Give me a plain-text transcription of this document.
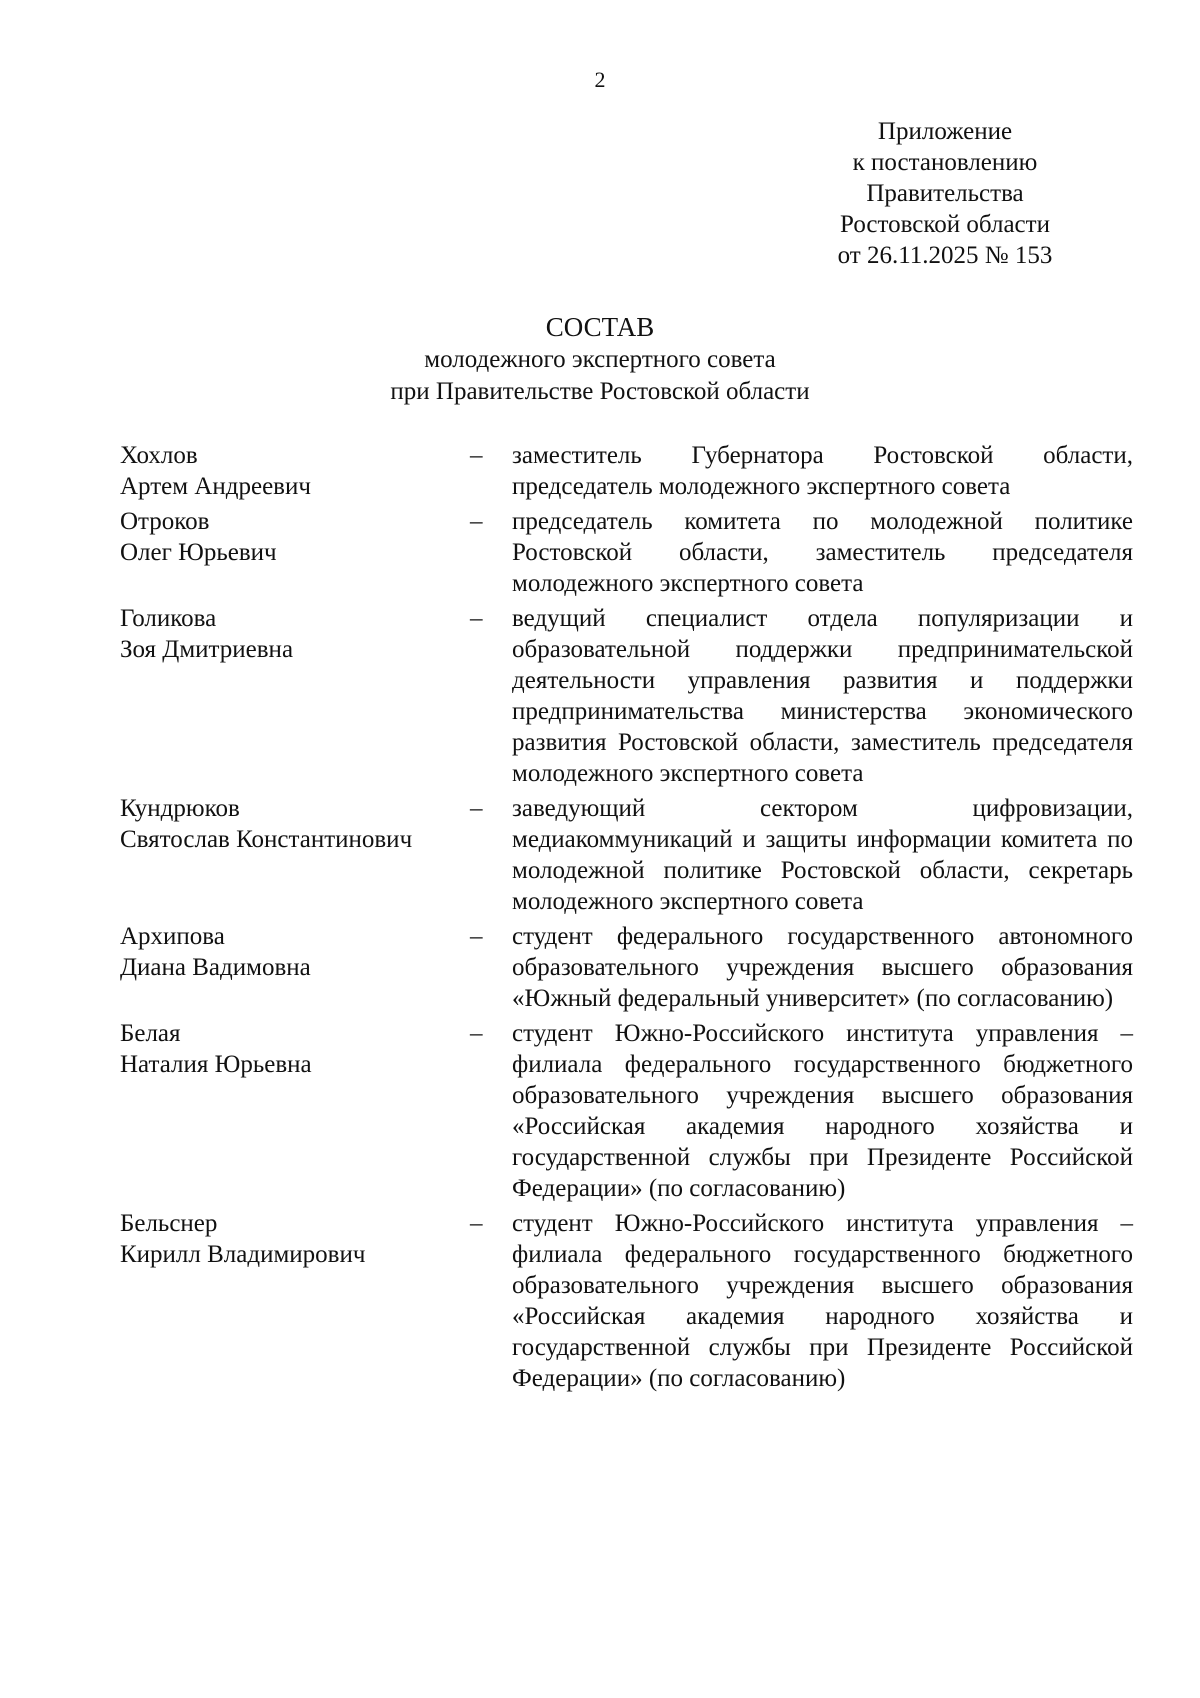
2
Приложение
к постановлению
Правительства
Ростовской области
от 26.11.2025 № 153
СОСТАВ
молодежного экспертного совета
при Правительстве Ростовской области
Хохлов
Артем Андреевич
–	заместитель Губернатора Ростовской области, председатель молодежного экспертного совета
Отроков
Олег Юрьевич
–	председатель комитета по молодежной политике Ростовской области, заместитель председателя молодежного экспертного совета
Голикова
Зоя Дмитриевна
–	ведущий специалист отдела популяризации и образовательной поддержки предпринимательской деятельности управления развития и поддержки предпринимательства министерства экономического развития Ростовской области, заместитель председателя молодежного экспертного совета
Кундрюков
Святослав Константинович
–	заведующий сектором цифровизации, медиакоммуникаций и защиты информации комитета по молодежной политике Ростовской области, секретарь молодежного экспертного совета
Архипова
Диана Вадимовна
–	студент федерального государственного автономного образовательного учреждения высшего образования «Южный федеральный университет» (по согласованию)
Белая
Наталия Юрьевна
–	студент Южно-Российского института управления – филиала федерального государственного бюджетного образовательного учреждения высшего образования «Российская академия народного хозяйства и государственной службы при Президенте Российской Федерации» (по согласованию)
Бельснер
Кирилл Владимирович
–	студент Южно-Российского института управления – филиала федерального государственного бюджетного образовательного учреждения высшего образования «Российская академия народного хозяйства и государственной службы при Президенте Российской Федерации» (по согласованию)
